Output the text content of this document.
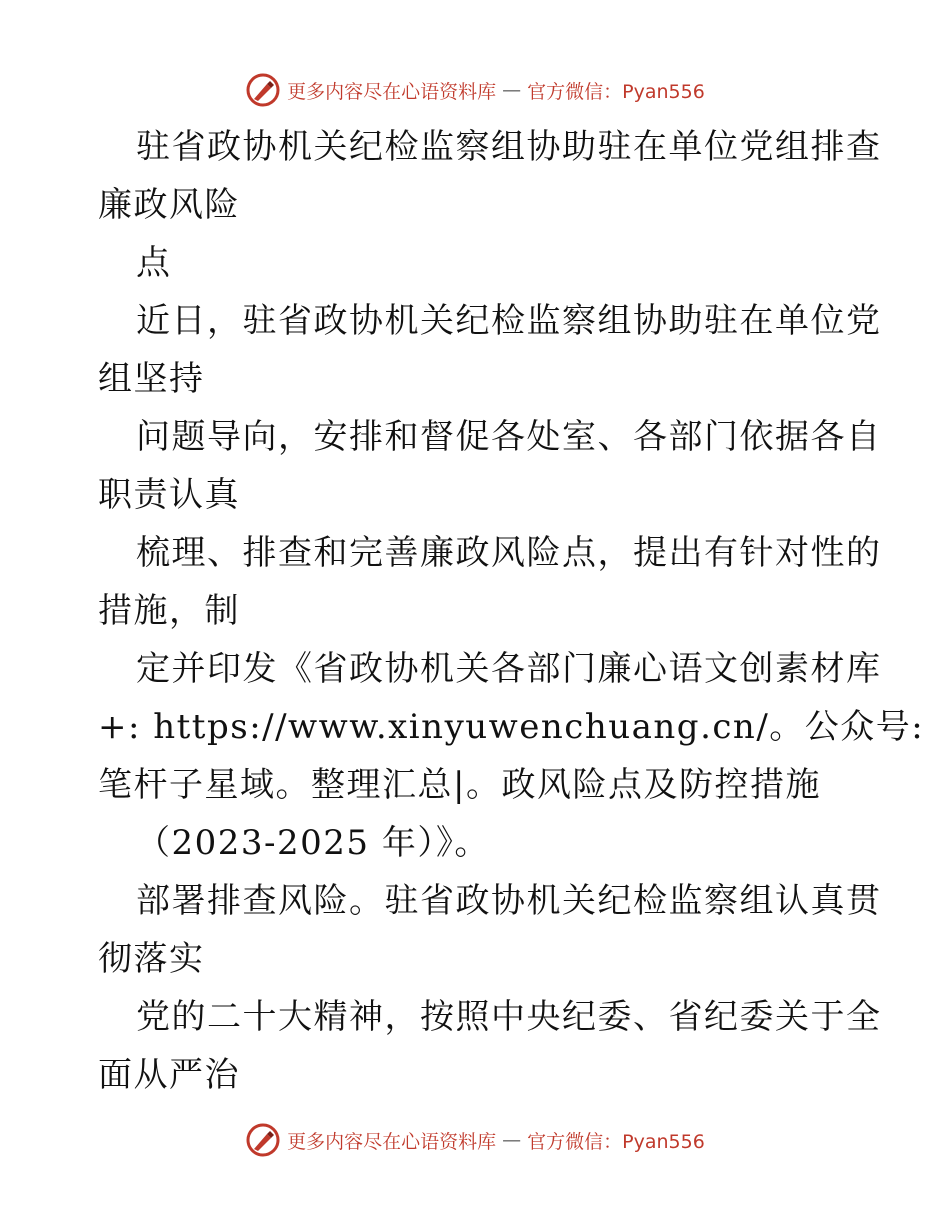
更多内容尽在心语资料库 — 官方微信：Pyan556
驻省政协机关纪检监察组协助驻在单位党组排查
廉政风险
点
近日，驻省政协机关纪检监察组协助驻在单位党
组坚持
问题导向，安排和督促各处室、各部门依据各自
职责认真
梳理、排查和完善廉政风险点，提出有针对性的
措施，制
定并印发《省政协机关各部门廉心语文创素材库
+: https://www.xinyuwenchuang.cn/。公众号:
笔杆子星域。整理汇总|。政风险点及防控措施
（2023-2025 年）》。
部署排查风险。驻省政协机关纪检监察组认真贯
彻落实
党的二十大精神，按照中央纪委、省纪委关于全
面从严治
更多内容尽在心语资料库 — 官方微信：Pyan556
